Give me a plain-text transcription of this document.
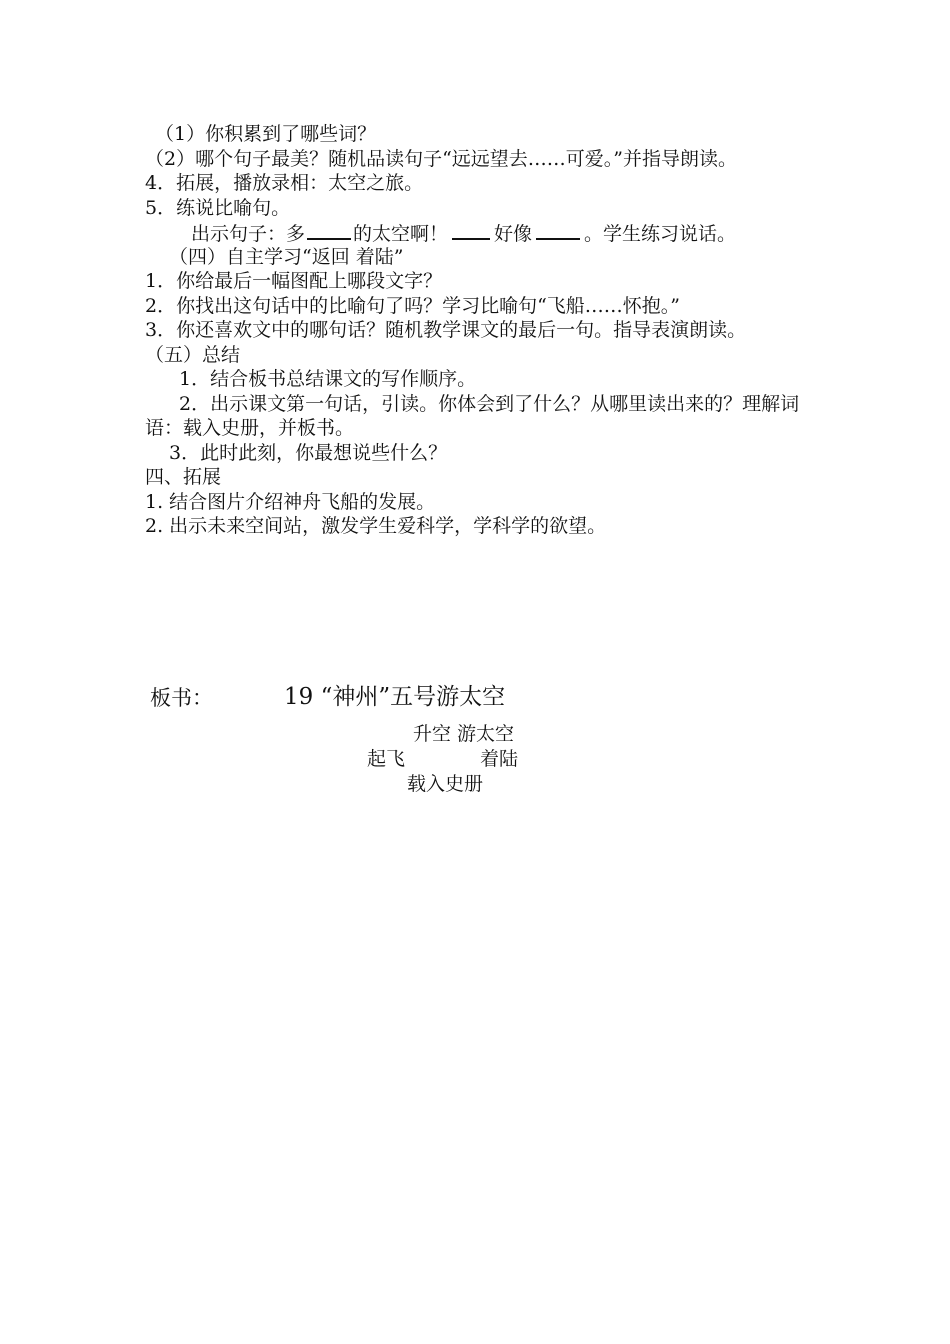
（1）你积累到了哪些词？
（2）哪个句子最美？随机品读句子“远远望去……可爱。”并指导朗读。
4．拓展，播放录相：太空之旅。
5．练说比喻句。
出示句子：多	的太空啊！ 好像	。学生练习说话。
（四）自主学习“返回 着陆”
1．你给最后一幅图配上哪段文字？
2．你找出这句话中的比喻句了吗？学习比喻句“飞船……怀抱。”
3．你还喜欢文中的哪句话？随机教学课文的最后一句。指导表演朗读。
（五）总结
1．结合板书总结课文的写作顺序。
2．出示课文第一句话，引读。你体会到了什么？从哪里读出来的？理解词语：载入史册，并板书。
3．此时此刻，你最想说些什么？
四、拓展
1. 结合图片介绍神舟飞船的发展。
2. 出示未来空间站，激发学生爱科学，学科学的欲望。
板书：	19 “神州”五号游太空
升空 游太空
起飞	着陆
载入史册
